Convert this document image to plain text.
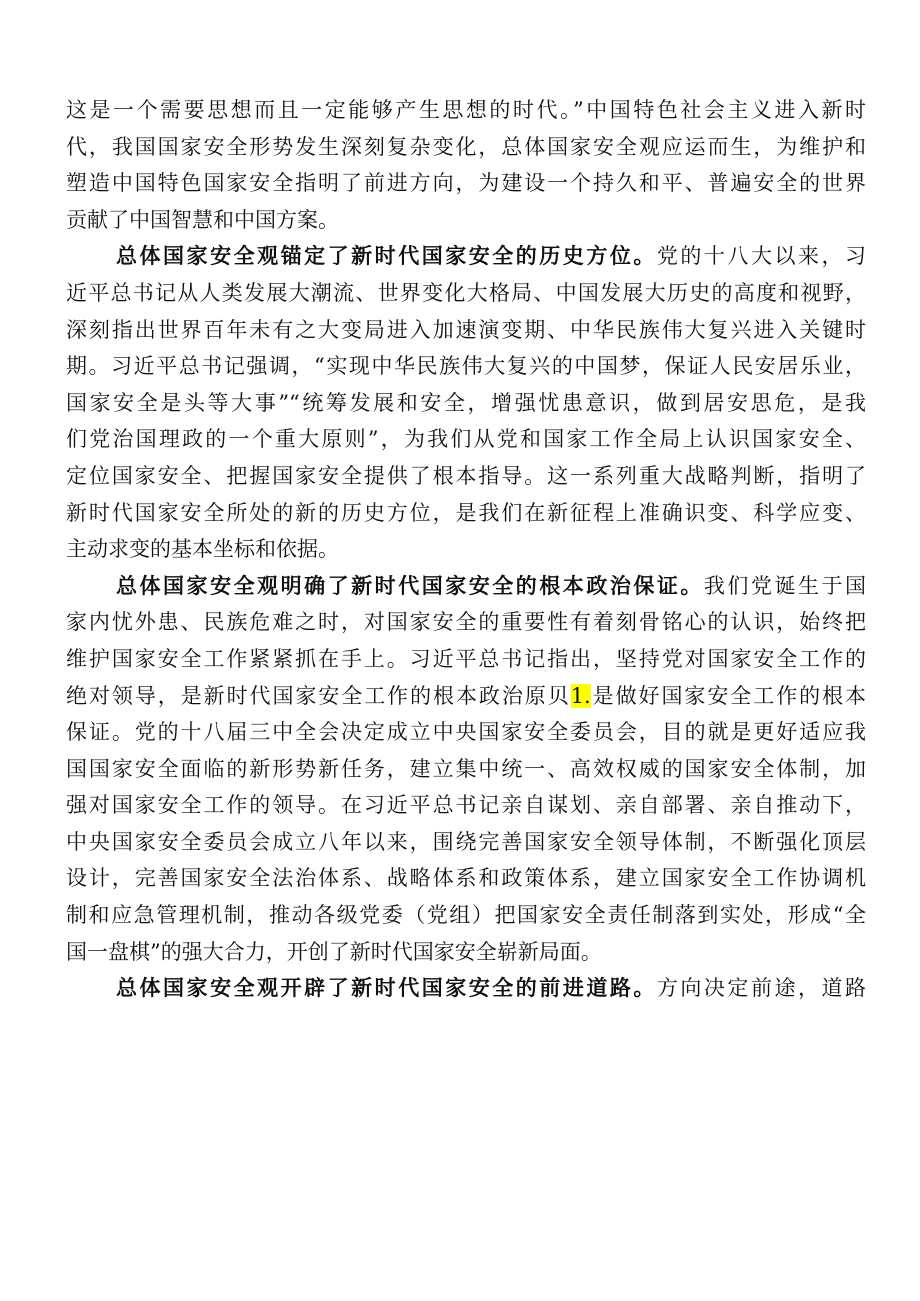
这是一个需要思想而且一定能够产生思想的时代。”中国特色社会主义进入新时
代，我国国家安全形势发生深刻复杂变化，总体国家安全观应运而生，为维护和
塑造中国特色国家安全指明了前进方向，为建设一个持久和平、普遍安全的世界
贡献了中国智慧和中国方案。
总体国家安全观锚定了新时代国家安全的历史方位。党的十八大以来，习
近平总书记从人类发展大潮流、世界变化大格局、中国发展大历史的高度和视野，
深刻指出世界百年未有之大变局进入加速演变期、中华民族伟大复兴进入关键时
期。习近平总书记强调，“实现中华民族伟大复兴的中国梦，保证人民安居乐业，
国家安全是头等大事”“统筹发展和安全，增强忧患意识，做到居安思危，是我
们党治国理政的一个重大原则”，为我们从党和国家工作全局上认识国家安全、
定位国家安全、把握国家安全提供了根本指导。这一系列重大战略判断，指明了
新时代国家安全所处的新的历史方位，是我们在新征程上准确识变、科学应变、
主动求变的基本坐标和依据。
总体国家安全观明确了新时代国家安全的根本政治保证。我们党诞生于国
家内忧外患、民族危难之时，对国家安全的重要性有着刻骨铭心的认识，始终把
维护国家安全工作紧紧抓在手上。习近平总书记指出，坚持党对国家安全工作的
绝对领导，是新时代国家安全工作的根本政治原贝1.是做好国家安全工作的根本
保证。党的十八届三中全会决定成立中央国家安全委员会，目的就是更好适应我
国国家安全面临的新形势新任务，建立集中统一、高效权威的国家安全体制，加
强对国家安全工作的领导。在习近平总书记亲自谋划、亲自部署、亲自推动下，
中央国家安全委员会成立八年以来，围绕完善国家安全领导体制，不断强化顶层
设计，完善国家安全法治体系、战略体系和政策体系，建立国家安全工作协调机
制和应急管理机制，推动各级党委（党组）把国家安全责任制落到实处，形成“全
国一盘棋”的强大合力，开创了新时代国家安全崭新局面。
总体国家安全观开辟了新时代国家安全的前进道路。方向决定前途，道路
